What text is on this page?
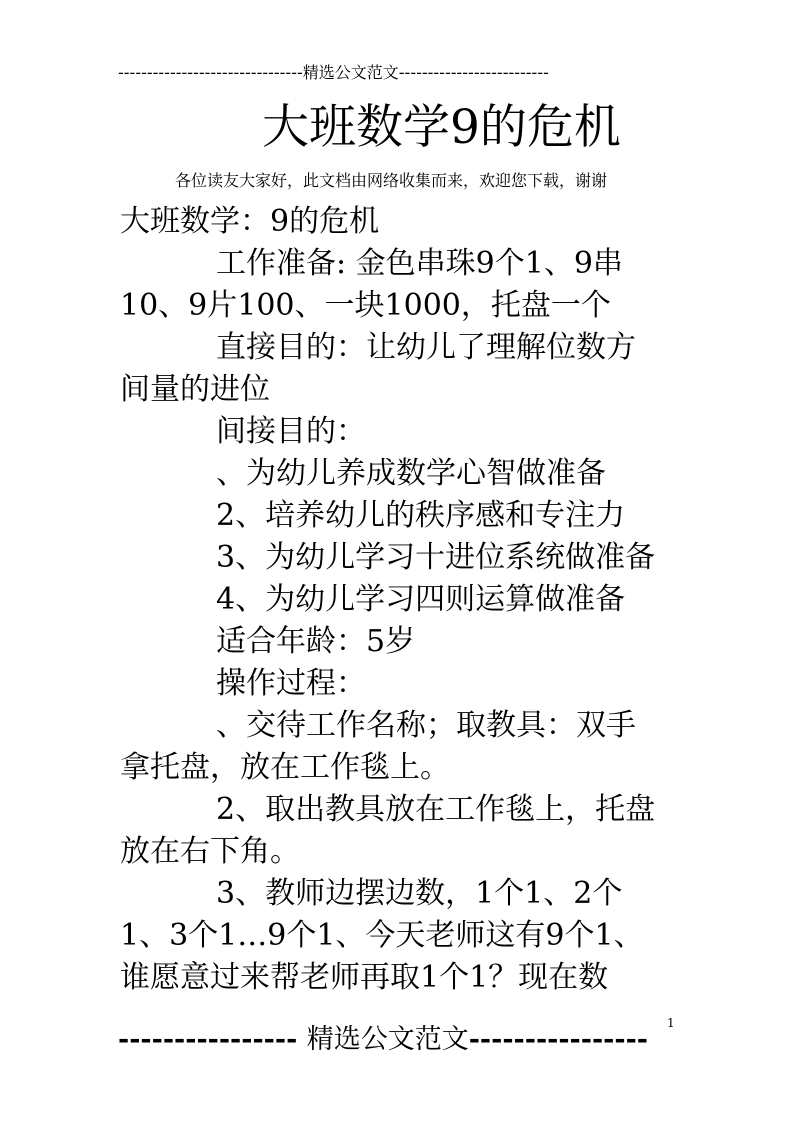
--------------------------------精选公文范文--------------------------
大班数学9的危机
各位读友大家好，此文档由网络收集而来，欢迎您下载，谢谢

大班数学：9的危机

工作准备: 金色串珠9个1、9串

10、9片100、一块1000，托盘一个

直接目的：让幼儿了理解位数方

间量的进位

间接目的：

、为幼儿养成数学心智做准备

2、培养幼儿的秩序感和专注力

3、为幼儿学习十进位系统做准备

4、为幼儿学习四则运算做准备

适合年龄：5岁

操作过程：

、交待工作名称；取教具：双手

拿托盘，放在工作毯上。

2、取出教具放在工作毯上，托盘

放在右下角。

3、教师边摆边数，1个1、2个

1、3个1…9个1、今天老师这有9个1、

谁愿意过来帮老师再取1个1？现在数

1
---------------- 精选公文范文----------------
